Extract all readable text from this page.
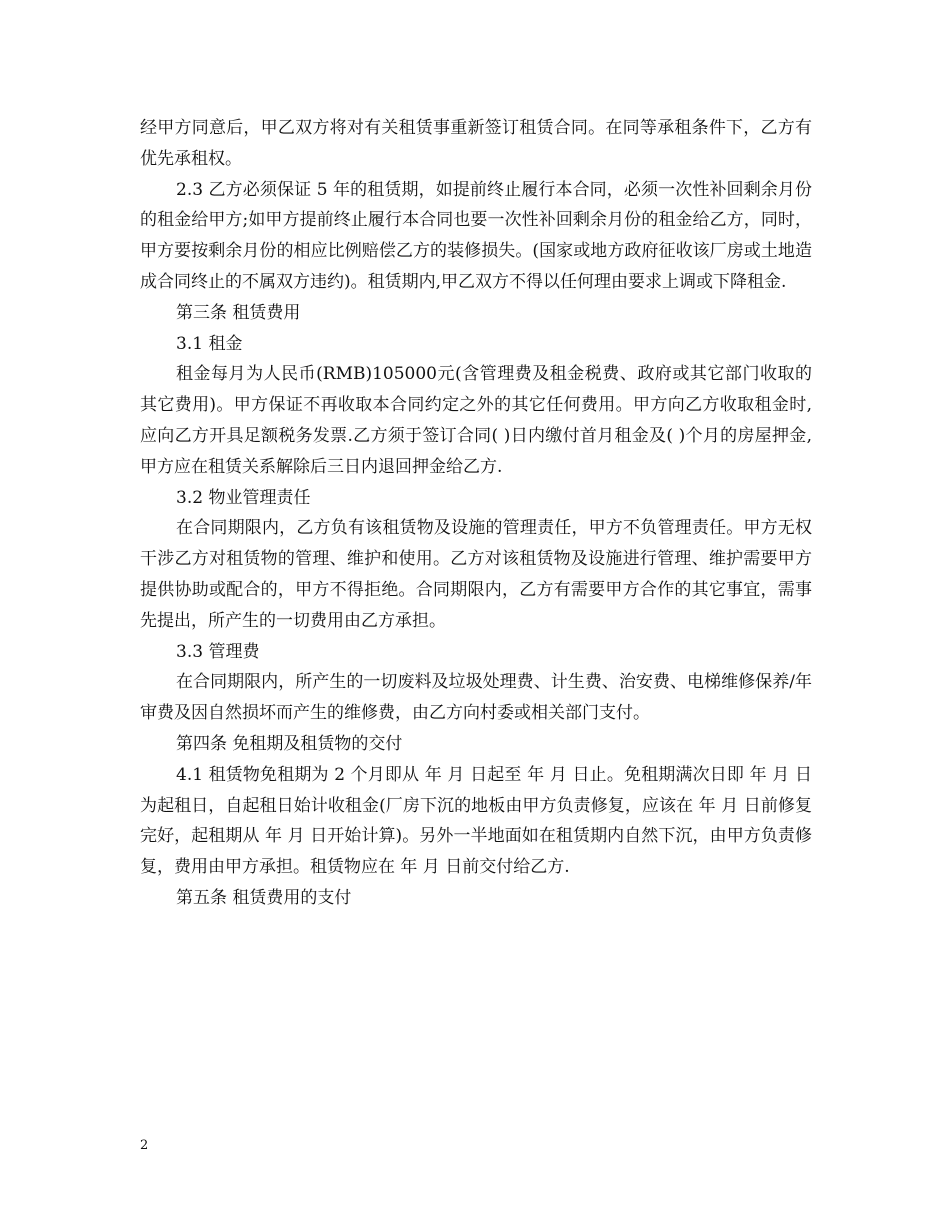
经甲方同意后，甲乙双方将对有关租赁事重新签订租赁合同。在同等承租条件下，乙方有优先承租权。

2.3 乙方必须保证 5 年的租赁期，如提前终止履行本合同，必须一次性补回剩余月份的租金给甲方;如甲方提前终止履行本合同也要一次性补回剩余月份的租金给乙方，同时，甲方要按剩余月份的相应比例赔偿乙方的装修损失。(国家或地方政府征收该厂房或土地造成合同终止的不属双方违约)。租赁期内,甲乙双方不得以任何理由要求上调或下降租金.

第三条 租赁费用

3.1 租金

租金每月为人民币(RMB)105000元(含管理费及租金税费、政府或其它部门收取的其它费用)。甲方保证不再收取本合同约定之外的其它任何费用。甲方向乙方收取租金时,应向乙方开具足额税务发票.乙方须于签订合同( )日内缴付首月租金及( )个月的房屋押金,甲方应在租赁关系解除后三日内退回押金给乙方.

3.2 物业管理责任

在合同期限内，乙方负有该租赁物及设施的管理责任，甲方不负管理责任。甲方无权干涉乙方对租赁物的管理、维护和使用。乙方对该租赁物及设施进行管理、维护需要甲方提供协助或配合的，甲方不得拒绝。合同期限内，乙方有需要甲方合作的其它事宜，需事先提出，所产生的一切费用由乙方承担。

3.3 管理费

在合同期限内，所产生的一切废料及垃圾处理费、计生费、治安费、电梯维修保养/年审费及因自然损坏而产生的维修费，由乙方向村委或相关部门支付。

第四条 免租期及租赁物的交付

4.1 租赁物免租期为 2 个月即从 年 月 日起至 年 月 日止。免租期满次日即 年 月 日为起租日，自起租日始计收租金(厂房下沉的地板由甲方负责修复，应该在 年 月 日前修复完好，起租期从 年 月 日开始计算)。另外一半地面如在租赁期内自然下沉，由甲方负责修复，费用由甲方承担。租赁物应在 年 月 日前交付给乙方.

第五条 租赁费用的支付

2
